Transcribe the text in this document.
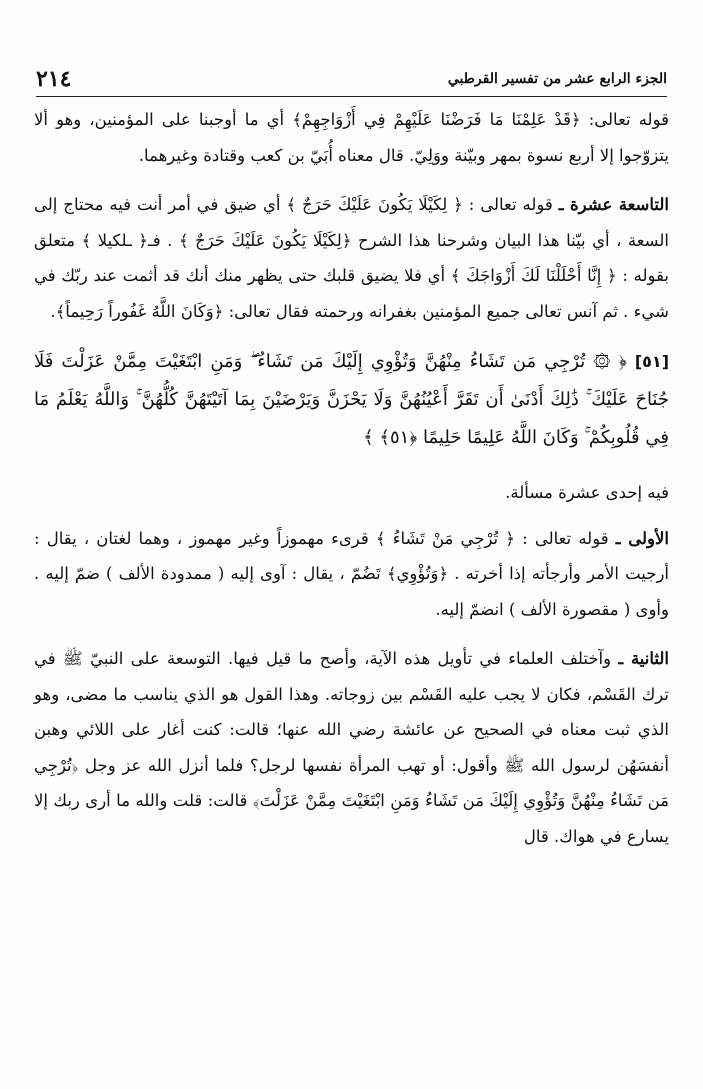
٢١٤	الجزء الرابع عشر من تفسير القرطبي

قوله تعالى: ﴿قَدْ عَلِمْنَا مَا فَرَضْنَا عَلَيْهِمْ فِي أَزْوَاجِهِمْ﴾ أي ما أوجبنا على المؤمنين، وهو ألا يتزوّجوا إلا أربع نسوة بمهر وبيّنة ووَلِيّ. قال معناه أُبَيّ بن كعب وقتادة وغيرهما.

التاسعة عشرة ـ قوله تعالى : ﴿ لِكَيْلَا يَكُونَ عَلَيْكَ حَرَجٌ ﴾ أي ضيق في أمر أنت فيه محتاج إلى السعة ، أي بيّنا هذا البيان وشرحنا هذا الشرح ﴿لِكَيْلَا يَكُونَ عَلَيْكَ حَرَجٌ ﴾ . فـ﴿ ـلكيلا ﴾ متعلق بقوله : ﴿ إِنَّا أَحْلَلْنَا لَكَ أَزْوَاجَكَ ﴾ أي فلا يضيق قلبك حتى يظهر منك أنك قد أثمت عند ربّك في شيء . ثم آنس تعالى جميع المؤمنين بغفرانه ورحمته فقال تعالى: ﴿وَكَانَ اللَّهُ غَفُوراً رَحِيماً﴾.

[٥١] ﴿ ۞ تُرْجِي مَن تَشَاءُ مِنْهُنَّ وَتُؤْوِي إِلَيْكَ مَن تَشَاءُ ۖ وَمَنِ ابْتَغَيْتَ مِمَّنْ عَزَلْتَ فَلَا جُنَاحَ عَلَيْكَ ۚ ذَٰلِكَ أَدْنَىٰ أَن تَقَرَّ أَعْيُنُهُنَّ وَلَا يَحْزَنَّ وَيَرْضَيْنَ بِمَا آتَيْتَهُنَّ كُلُّهُنَّ ۚ وَاللَّهُ يَعْلَمُ مَا فِي قُلُوبِكُمْ ۚ وَكَانَ اللَّهُ عَلِيمًا حَلِيمًا ﴿٥١﴾ ﴾

فيه إحدى عشرة مسألة.

الأولى ـ قوله تعالى : ﴿ تُرْجِي مَنْ تَشَاءُ ﴾ قرىء مهموزاً وغير مهموز ، وهما لغتان ، يقال : أرجيت الأمر وأرجأته إذا أخرته . ﴿وَتُؤْوِي﴾ تَضُمّ ، يقال : آوى إليه ( ممدودة الألف ) ضمّ إليه . وأوى ( مقصورة الألف ) انضمّ إليه.

الثانية ـ وآختلف العلماء في تأويل هذه الآية، وأصح ما قيل فيها. التوسعة على النبيّ ﷺ في ترك القَسْم، فكان لا يجب عليه القَسْم بين زوجاته. وهذا القول هو الذي يناسب ما مضى، وهو الذي ثبت معناه في الصحيح عن عائشة رضي الله عنها؛ قالت: كنت أغار على اللائي وهبن أنفسَهُن لرسول الله ﷺ وأقول: أو تهب المرأة نفسها لرجل؟ فلما أنزل الله عز وجل ﴿تُرْجِي مَن تَشَاءُ مِنْهُنَّ وَتُؤْوِي إِلَيْكَ مَن تَشَاءُ وَمَنِ ابْتَغَيْتَ مِمَّنْ عَزَلْتَ﴾ قالت: قلت والله ما أرى ربك إلا يسارع في هواك. قال
